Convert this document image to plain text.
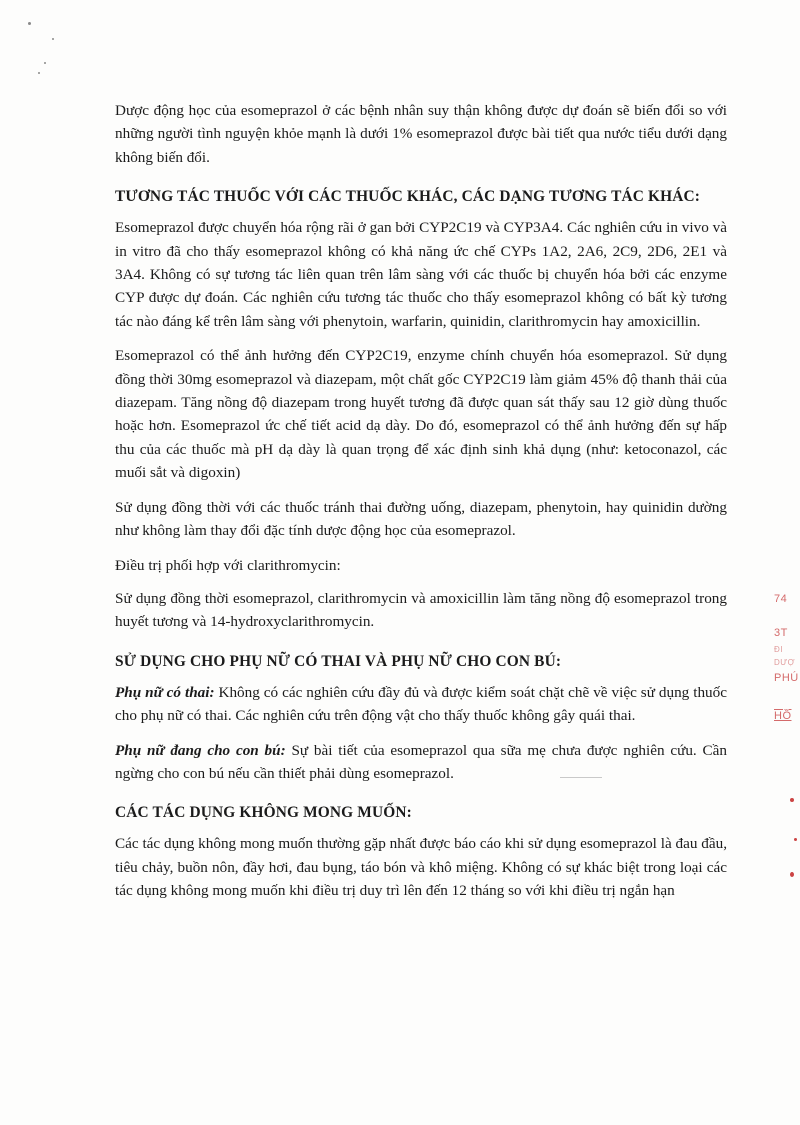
Dược động học của esomeprazol ở các bệnh nhân suy thận không được dự đoán sẽ biến đổi so với những người tình nguyện khỏe mạnh là dưới 1% esomeprazol được bài tiết qua nước tiểu dưới dạng không biến đổi.

TƯƠNG TÁC THUỐC VỚI CÁC THUỐC KHÁC, CÁC DẠNG TƯƠNG TÁC KHÁC:

Esomeprazol được chuyển hóa rộng rãi ở gan bởi CYP2C19 và CYP3A4. Các nghiên cứu in vivo và in vitro đã cho thấy esomeprazol không có khả năng ức chế CYPs 1A2, 2A6, 2C9, 2D6, 2E1 và 3A4. Không có sự tương tác liên quan trên lâm sàng với các thuốc bị chuyển hóa bởi các enzyme CYP được dự đoán. Các nghiên cứu tương tác thuốc cho thấy esomeprazol không có bất kỳ tương tác nào đáng kể trên lâm sàng với phenytoin, warfarin, quinidin, clarithromycin hay amoxicillin.

Esomeprazol có thể ảnh hưởng đến CYP2C19, enzyme chính chuyển hóa esomeprazol. Sử dụng đồng thời 30mg esomeprazol và diazepam, một chất gốc CYP2C19 làm giảm 45% độ thanh thải của diazepam. Tăng nồng độ diazepam trong huyết tương đã được quan sát thấy sau 12 giờ dùng thuốc hoặc hơn. Esomeprazol ức chế tiết acid dạ dày. Do đó, esomeprazol có thể ảnh hưởng đến sự hấp thu của các thuốc mà pH dạ dày là quan trọng để xác định sinh khả dụng (như: ketoconazol, các muối sắt và digoxin)

Sử dụng đồng thời với các thuốc tránh thai đường uống, diazepam, phenytoin, hay quinidin dường như không làm thay đổi đặc tính dược động học của esomeprazol.

Điều trị phối hợp với clarithromycin:

Sử dụng đồng thời esomeprazol, clarithromycin và amoxicillin làm tăng nồng độ esomeprazol trong huyết tương và 14-hydroxyclarithromycin.

SỬ DỤNG CHO PHỤ NỮ CÓ THAI VÀ PHỤ NỮ CHO CON BÚ:

Phụ nữ có thai: Không có các nghiên cứu đầy đủ và được kiểm soát chặt chẽ về việc sử dụng thuốc cho phụ nữ có thai. Các nghiên cứu trên động vật cho thấy thuốc không gây quái thai.

Phụ nữ đang cho con bú: Sự bài tiết của esomeprazol qua sữa mẹ chưa được nghiên cứu. Cần ngừng cho con bú nếu cần thiết phải dùng esomeprazol.

CÁC TÁC DỤNG KHÔNG MONG MUỐN:

Các tác dụng không mong muốn thường gặp nhất được báo cáo khi sử dụng esomeprazol là đau đầu, tiêu chảy, buồn nôn, đầy hơi, đau bụng, táo bón và khô miệng. Không có sự khác biệt trong loại các tác dụng không mong muốn khi điều trị duy trì lên đến 12 tháng so với khi điều trị ngắn hạn

74
3T
ĐI
DƯỢ
PHÚ
HỒ
